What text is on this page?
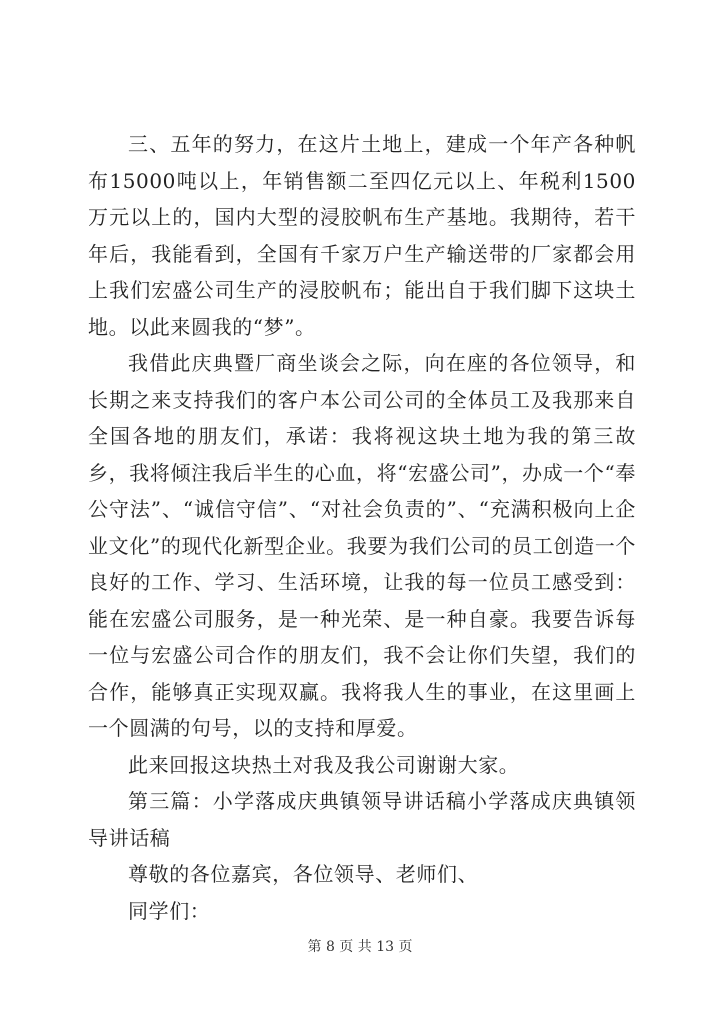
三、五年的努力，在这片土地上，建成一个年产各种帆布15000吨以上，年销售额二至四亿元以上、年税利1500万元以上的，国内大型的浸胶帆布生产基地。我期待，若干年后，我能看到，全国有千家万户生产输送带的厂家都会用上我们宏盛公司生产的浸胶帆布；能出自于我们脚下这块土地。以此来圆我的“梦”。

我借此庆典暨厂商坐谈会之际，向在座的各位领导，和长期之来支持我们的客户本公司公司的全体员工及我那来自全国各地的朋友们，承诺：我将视这块土地为我的第三故乡，我将倾注我后半生的心血，将“宏盛公司”，办成一个“奉公守法”、“诚信守信”、“对社会负责的”、“充满积极向上企业文化”的现代化新型企业。我要为我们公司的员工创造一个良好的工作、学习、生活环境，让我的每一位员工感受到：能在宏盛公司服务，是一种光荣、是一种自豪。我要告诉每一位与宏盛公司合作的朋友们，我不会让你们失望，我们的合作，能够真正实现双赢。我将我人生的事业，在这里画上一个圆满的句号，以的支持和厚爱。

此来回报这块热土对我及我公司谢谢大家。

第三篇：小学落成庆典镇领导讲话稿小学落成庆典镇领导讲话稿

尊敬的各位嘉宾，各位领导、老师们、

同学们：

第 8 页 共 13 页
